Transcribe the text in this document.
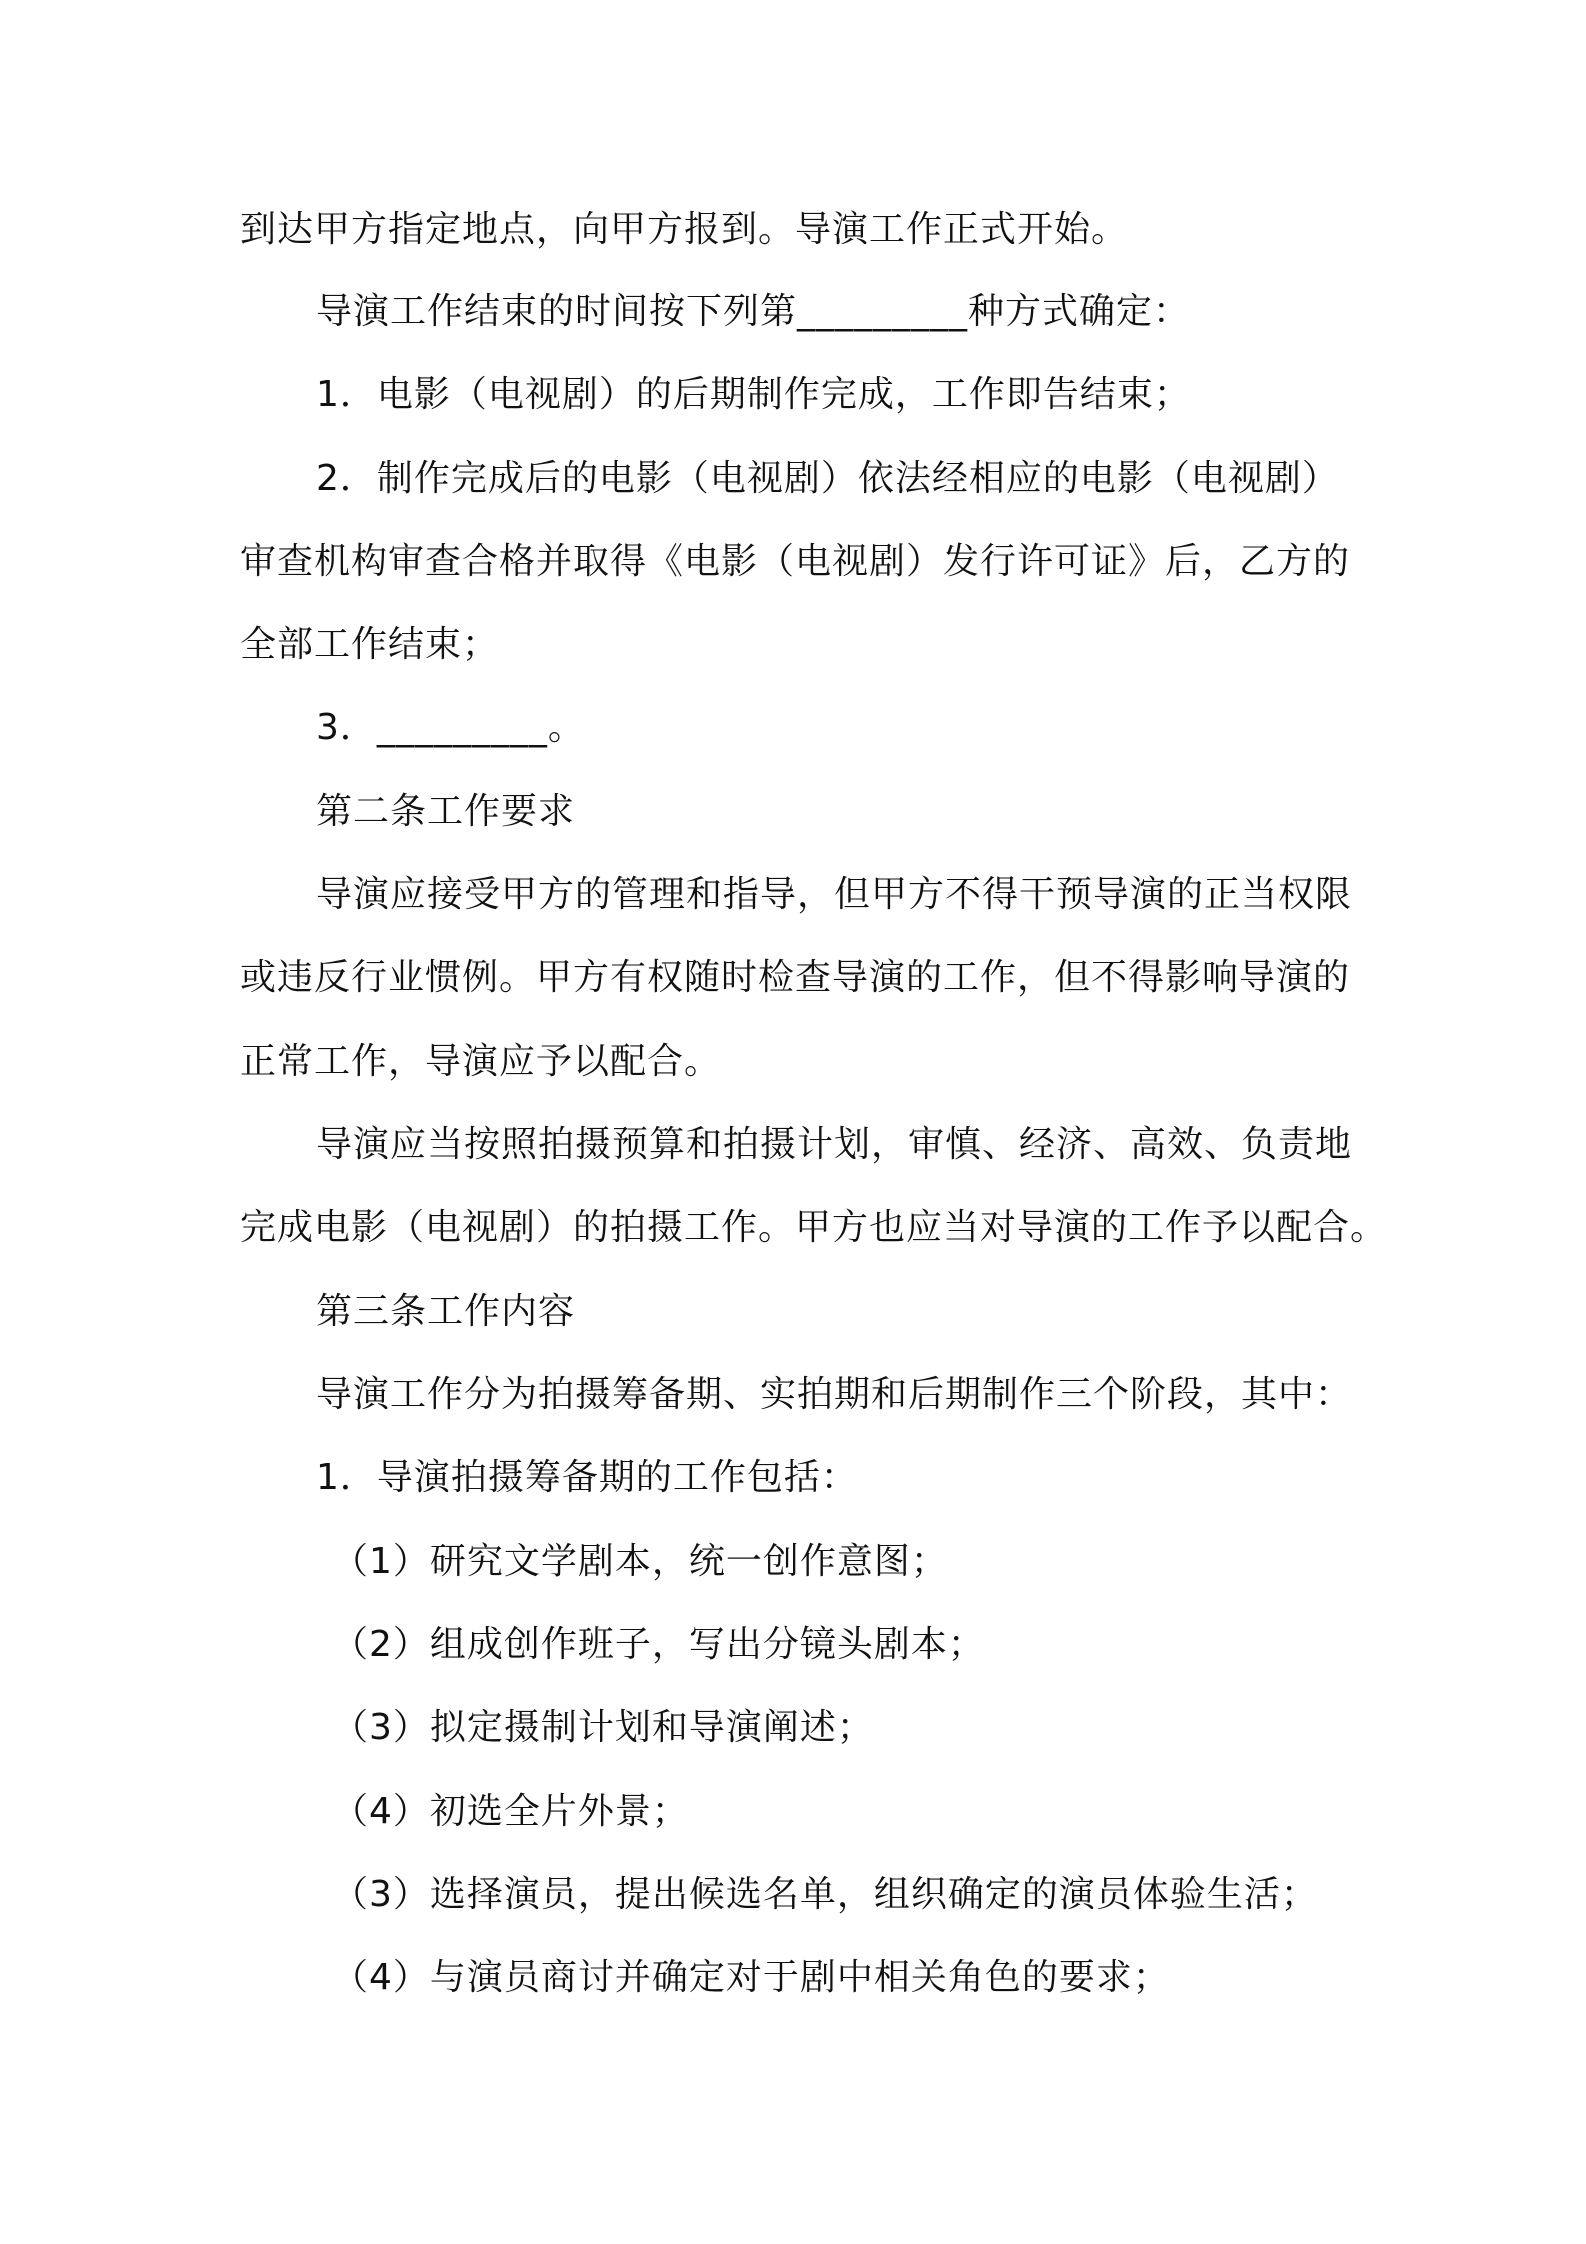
到达甲方指定地点，向甲方报到。导演工作正式开始。
导演工作结束的时间按下列第_________种方式确定：
1．电影（电视剧）的后期制作完成，工作即告结束；
2．制作完成后的电影（电视剧）依法经相应的电影（电视剧）
审查机构审查合格并取得《电影（电视剧）发行许可证》后，乙方的
全部工作结束；
3．_________。
第二条工作要求
导演应接受甲方的管理和指导，但甲方不得干预导演的正当权限
或违反行业惯例。甲方有权随时检查导演的工作，但不得影响导演的
正常工作，导演应予以配合。
导演应当按照拍摄预算和拍摄计划，审慎、经济、高效、负责地
完成电影（电视剧）的拍摄工作。甲方也应当对导演的工作予以配合。
第三条工作内容
导演工作分为拍摄筹备期、实拍期和后期制作三个阶段，其中：
1．导演拍摄筹备期的工作包括：
（1）研究文学剧本，统一创作意图；
（2）组成创作班子，写出分镜头剧本；
（3）拟定摄制计划和导演阐述；
（4）初选全片外景；
（3）选择演员，提出候选名单，组织确定的演员体验生活；
（4）与演员商讨并确定对于剧中相关角色的要求；
